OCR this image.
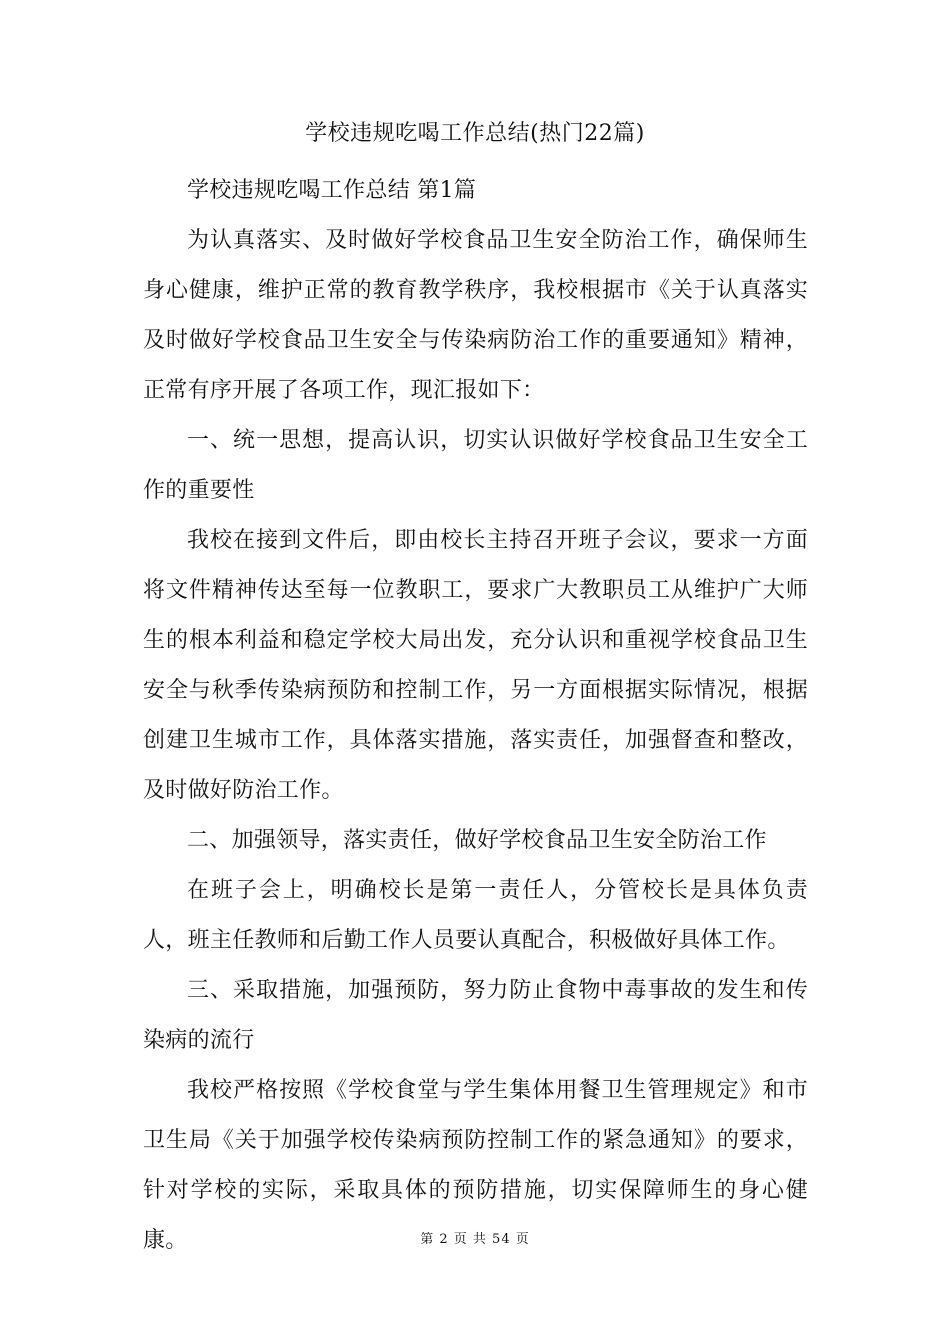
学校违规吃喝工作总结(热门22篇)

学校违规吃喝工作总结 第1篇

为认真落实、及时做好学校食品卫生安全防治工作，确保师生身心健康，维护正常的教育教学秩序，我校根据市《关于认真落实及时做好学校食品卫生安全与传染病防治工作的重要通知》精神，正常有序开展了各项工作，现汇报如下：

一、统一思想，提高认识，切实认识做好学校食品卫生安全工作的重要性

我校在接到文件后，即由校长主持召开班子会议，要求一方面将文件精神传达至每一位教职工，要求广大教职员工从维护广大师生的根本利益和稳定学校大局出发，充分认识和重视学校食品卫生安全与秋季传染病预防和控制工作，另一方面根据实际情况，根据创建卫生城市工作，具体落实措施，落实责任，加强督查和整改，及时做好防治工作。

二、加强领导，落实责任，做好学校食品卫生安全防治工作

在班子会上，明确校长是第一责任人，分管校长是具体负责人，班主任教师和后勤工作人员要认真配合，积极做好具体工作。

三、采取措施，加强预防，努力防止食物中毒事故的发生和传染病的流行

我校严格按照《学校食堂与学生集体用餐卫生管理规定》和市卫生局《关于加强学校传染病预防控制工作的紧急通知》的要求，针对学校的实际，采取具体的预防措施，切实保障师生的身心健康。	第 2 页 共 54 页
